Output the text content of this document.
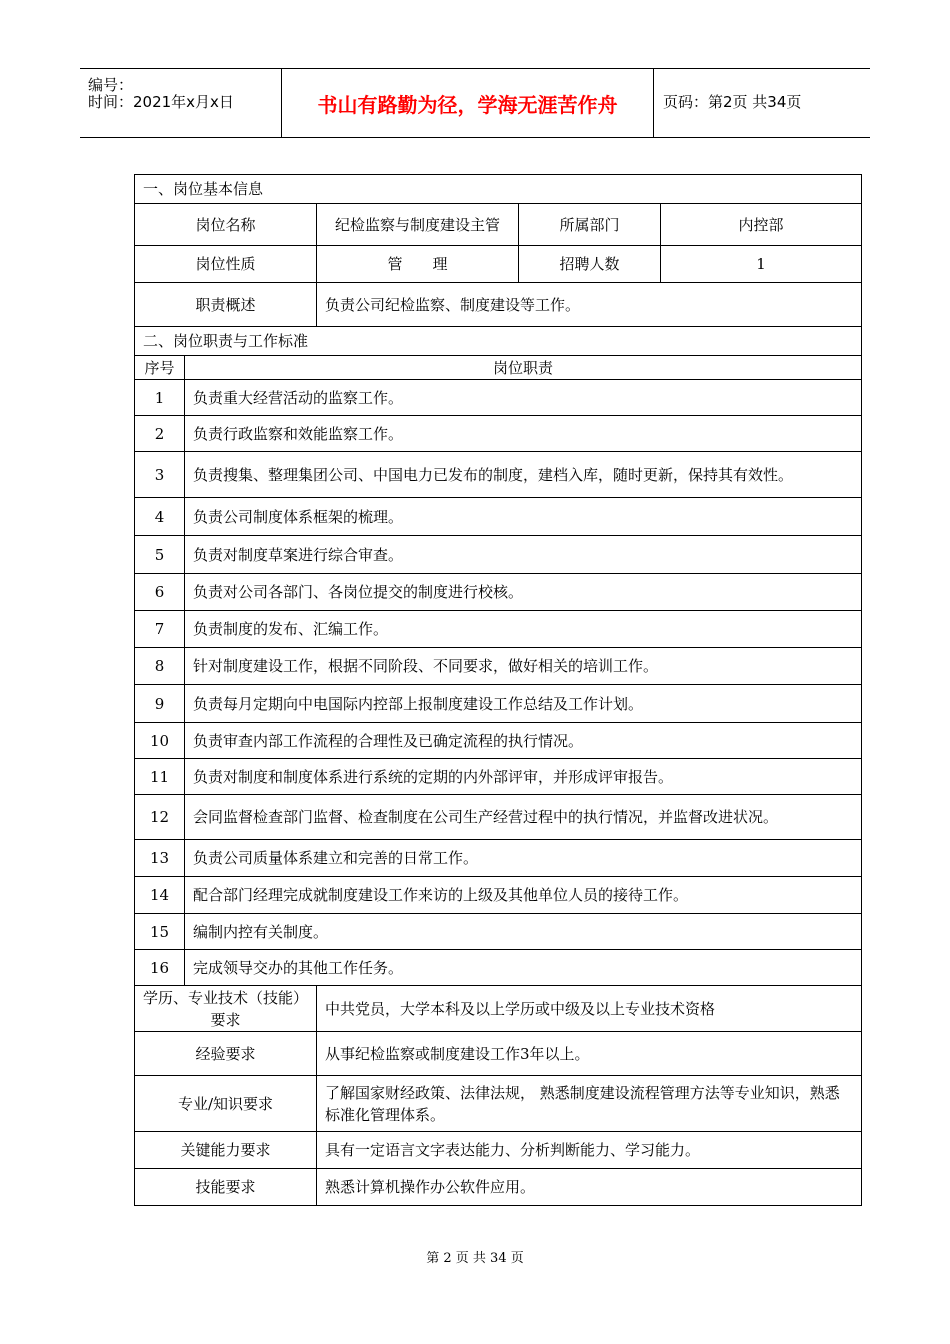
编号：
时间：2021年x月x日	书山有路勤为径，学海无涯苦作舟	页码：第2页 共34页
一、岗位基本信息				
岗位名称		纪检监察与制度建设主管	所属部门	内控部
岗位性质		管　　理	招聘人数	1
职责概述		负责公司纪检监察、制度建设等工作。		
二、岗位职责与工作标准				
序号	岗位职责			
1	负责重大经营活动的监察工作。			
2	负责行政监察和效能监察工作。			
3	负责搜集、整理集团公司、中国电力已发布的制度，建档入库，随时更新，保持其有效性。			
4	负责公司制度体系框架的梳理。			
5	负责对制度草案进行综合审查。			
6	负责对公司各部门、各岗位提交的制度进行校核。			
7	负责制度的发布、汇编工作。			
8	针对制度建设工作，根据不同阶段、不同要求，做好相关的培训工作。			
9	负责每月定期向中电国际内控部上报制度建设工作总结及工作计划。			
10	负责审查内部工作流程的合理性及已确定流程的执行情况。			
11	负责对制度和制度体系进行系统的定期的内外部评审，并形成评审报告。			
12	会同监督检查部门监督、检查制度在公司生产经营过程中的执行情况，并监督改进状况。			
13	负责公司质量体系建立和完善的日常工作。			
14	配合部门经理完成就制度建设工作来访的上级及其他单位人员的接待工作。			
15	编制内控有关制度。			
16	完成领导交办的其他工作任务。			
学历、专业技术（技能）要求		中共党员，大学本科及以上学历或中级及以上专业技术资格		
经验要求		从事纪检监察或制度建设工作3年以上。		
专业/知识要求		了解国家财经政策、法律法规， 熟悉制度建设流程管理方法等专业知识，熟悉标准化管理体系。		
关键能力要求		具有一定语言文字表达能力、分析判断能力、学习能力。		
技能要求		熟悉计算机操作办公软件应用。		
第 2 页 共 34 页
